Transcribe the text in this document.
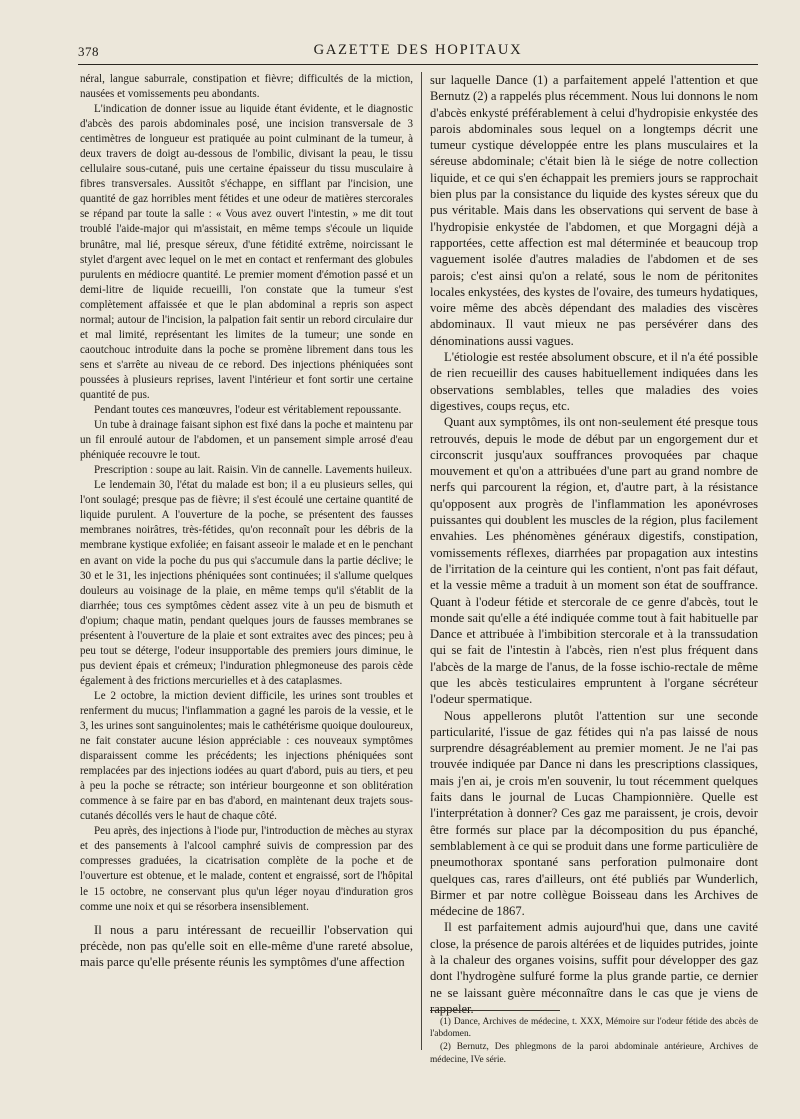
378	GAZETTE DES HOPITAUX

néral, langue saburrale, constipation et fièvre; difficultés de la miction, nausées et vomissements peu abondants.

L'indication de donner issue au liquide étant évidente, et le diagnostic d'abcès des parois abdominales posé, une incision transversale de 3 centimètres de longueur est pratiquée au point culminant de la tumeur, à deux travers de doigt au-dessous de l'ombilic, divisant la peau, le tissu cellulaire sous-cutané, puis une certaine épaisseur du tissu musculaire à fibres transversales. Aussitôt s'échappe, en sifflant par l'incision, une quantité de gaz horribles ment fétides et une odeur de matières stercorales se répand par toute la salle : « Vous avez ouvert l'intestin, » me dit tout troublé l'aide-major qui m'assistait, en même temps s'écoule un liquide brunâtre, mal lié, presque séreux, d'une fétidité extrême, noircissant le stylet d'argent avec lequel on le met en contact et renfermant des globules purulents en médiocre quantité. Le premier moment d'émotion passé et un demi-litre de liquide recueilli, l'on constate que la tumeur s'est complètement affaissée et que le plan abdominal a repris son aspect normal; autour de l'incision, la palpation fait sentir un rebord circulaire dur et mal limité, représentant les limites de la tumeur; une sonde en caoutchouc introduite dans la poche se promène librement dans tous les sens et s'arrête au niveau de ce rebord. Des injections phéniquées sont poussées à plusieurs reprises, lavent l'intérieur et font sortir une certaine quantité de pus.

Pendant toutes ces manœuvres, l'odeur est véritablement repoussante.

Un tube à drainage faisant siphon est fixé dans la poche et maintenu par un fil enroulé autour de l'abdomen, et un pansement simple arrosé d'eau phéniquée recouvre le tout.

Prescription : soupe au lait. Raisin. Vin de cannelle. Lavements huileux.

Le lendemain 30, l'état du malade est bon; il a eu plusieurs selles, qui l'ont soulagé; presque pas de fièvre; il s'est écoulé une certaine quantité de liquide purulent. A l'ouverture de la poche, se présentent des fausses membranes noirâtres, très-fétides, qu'on reconnaît pour les débris de la membrane kystique exfoliée; en faisant asseoir le malade et en le penchant en avant on vide la poche du pus qui s'accumule dans la partie déclive; le 30 et le 31, les injections phéniquées sont continuées; il s'allume quelques douleurs au voisinage de la plaie, en même temps qu'il s'établit de la diarrhée; tous ces symptômes cèdent assez vite à un peu de bismuth et d'opium; chaque matin, pendant quelques jours de fausses membranes se présentent à l'ouverture de la plaie et sont extraites avec des pinces; peu à peu tout se déterge, l'odeur insupportable des premiers jours diminue, le pus devient épais et crémeux; l'induration phlegmoneuse des parois cède également à des frictions mercurielles et à des cataplasmes.

Le 2 octobre, la miction devient difficile, les urines sont troubles et renferment du mucus; l'inflammation a gagné les parois de la vessie, et le 3, les urines sont sanguinolentes; mais le cathétérisme quoique douloureux, ne fait constater aucune lésion appréciable : ces nouveaux symptômes disparaissent comme les précédents; les injections phéniquées sont remplacées par des injections iodées au quart d'abord, puis au tiers, et peu à peu la poche se rétracte; son intérieur bourgeonne et son oblitération commence à se faire par en bas d'abord, en maintenant deux trajets sous-cutanés décollés vers le haut de chaque côté.

Peu après, des injections à l'iode pur, l'introduction de mèches au styrax et des pansements à l'alcool camphré suivis de compression par des compresses graduées, la cicatrisation complète de la poche et de l'ouverture est obtenue, et le malade, content et engraissé, sort de l'hôpital le 15 octobre, ne conservant plus qu'un léger noyau d'induration gros comme une noix et qui se résorbera insensiblement.

Il nous a paru intéressant de recueillir l'observation qui précède, non pas qu'elle soit en elle-même d'une rareté absolue, mais parce qu'elle présente réunis les symptômes d'une affection

sur laquelle Dance (1) a parfaitement appelé l'attention et que Bernutz (2) a rappelés plus récemment. Nous lui donnons le nom d'abcès enkysté préférablement à celui d'hydropisie enkystée des parois abdominales sous lequel on a longtemps décrit une tumeur cystique développée entre les plans musculaires et la séreuse abdominale; c'était bien là le siége de notre collection liquide, et ce qui s'en échappait les premiers jours se rapprochait bien plus par la consistance du liquide des kystes séreux que du pus véritable. Mais dans les observations qui servent de base à l'hydropisie enkystée de l'abdomen, et que Morgagni déjà a rapportées, cette affection est mal déterminée et beaucoup trop vaguement isolée d'autres maladies de l'abdomen et de ses parois; c'est ainsi qu'on a relaté, sous le nom de péritonites locales enkystées, des kystes de l'ovaire, des tumeurs hydatiques, voire même des abcès dépendant des maladies des viscères abdominaux. Il vaut mieux ne pas persévérer dans des dénominations aussi vagues.

L'étiologie est restée absolument obscure, et il n'a été possible de rien recueillir des causes habituellement indiquées dans les observations semblables, telles que maladies des voies digestives, coups reçus, etc.

Quant aux symptômes, ils ont non-seulement été presque tous retrouvés, depuis le mode de début par un engorgement dur et circonscrit jusqu'aux souffrances provoquées par chaque mouvement et qu'on a attribuées d'une part au grand nombre de nerfs qui parcourent la région, et, d'autre part, à la résistance qu'opposent aux progrès de l'inflammation les aponévroses puissantes qui doublent les muscles de la région, plus facilement envahies. Les phénomènes généraux digestifs, constipation, vomissements réflexes, diarrhées par propagation aux intestins de l'irritation de la ceinture qui les contient, n'ont pas fait défaut, et la vessie même a traduit à un moment son état de souffrance. Quant à l'odeur fétide et stercorale de ce genre d'abcès, tout le monde sait qu'elle a été indiquée comme tout à fait habituelle par Dance et attribuée à l'imbibition stercorale et à la transsudation qui se fait de l'intestin à l'abcès, rien n'est plus fréquent dans l'abcès de la marge de l'anus, de la fosse ischio-rectale de même que les abcès testiculaires empruntent à l'organe sécréteur l'odeur spermatique.

Nous appellerons plutôt l'attention sur une seconde particularité, l'issue de gaz fétides qui n'a pas laissé de nous surprendre désagréablement au premier moment. Je ne l'ai pas trouvée indiquée par Dance ni dans les prescriptions classiques, mais j'en ai, je crois m'en souvenir, lu tout récemment quelques faits dans le journal de Lucas Championnière. Quelle est l'interprétation à donner? Ces gaz me paraissent, je crois, devoir être formés sur place par la décomposition du pus épanché, semblablement à ce qui se produit dans une forme particulière de pneumothorax spontané sans perforation pulmonaire dont quelques cas, rares d'ailleurs, ont été publiés par Wunderlich, Birmer et par notre collègue Boisseau dans les Archives de médecine de 1867.

Il est parfaitement admis aujourd'hui que, dans une cavité close, la présence de parois altérées et de liquides putrides, jointe à la chaleur des organes voisins, suffit pour développer des gaz dont l'hydrogène sulfuré forme la plus grande partie, ce dernier ne se laissant guère méconnaître dans le cas que je viens de rappeler.

(1) Dance, Archives de médecine, t. XXX, Mémoire sur l'odeur fétide des abcès de l'abdomen.

(2) Bernutz, Des phlegmons de la paroi abdominale antérieure, Archives de médecine, IVe série.
